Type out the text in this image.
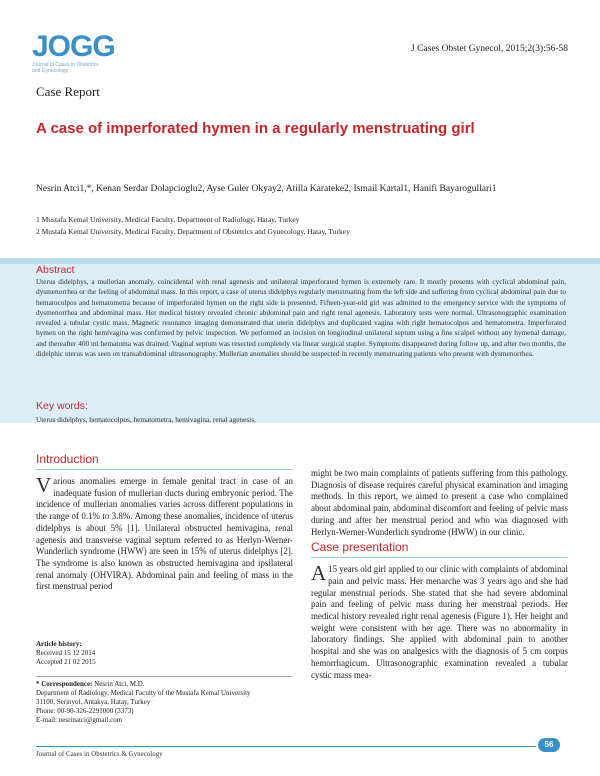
JOGG
Journal of Cases in Obstetrics and Gynecology
J Cases Obstet Gynecol, 2015;2(3):56-58
Case Report
A case of imperforated hymen in a regularly menstruating girl
Nesrin Atci1,*, Kenan Serdar Dolapcioglu2, Ayse Guler Okyay2, Atilla Karateke2, Ismail Kartal1, Hanifi Bayarogullari1
1 Mustafa Kemal University, Medical Faculty, Department of Radiology, Hatay, Turkey
2 Mustafa Kemal University, Medical Faculty, Department of Obstetrics and Gynecology, Hatay, Turkey
Abstract
Uterus didelphys, a mullerian anomaly, coincidental with renal agenesis and unilateral imperforated hymen is extremely rare. It mostly presents with cyclical abdominal pain, dysmenorrhea or the feeling of abdominal mass. In this report, a case of uterus didelphys regularly menstruating from the left side and suffering from cyclical abdominal pain due to hematocolpos and hematometra because of imperforated hymen on the right side is presented. Fifteen-year-old girl was admitted to the emergency service with the symptoms of dysmenorrhea and abdominal mass. Her medical history revealed chronic abdominal pain and right renal agenesis. Laboratory tests were normal. Ultrasonographic examination revealed a tubular cystic mass. Magnetic resonance imaging demonstrated that uterin didelphys and duplicated vagina with right hematocolpos and hematometra. Imperforated hymen on the right hemivagina was confirmed by pelvic inspection. We performed an incision on longitudinal unilateral septum using a fine scalpel without any hymenal damage, and thereafter 400 ml hematoma was drained. Vaginal septum was resected completely via linear surgical stapler. Symptoms disappeared during follow up, and after two months, the didelphic uterus was seen on transabdominal ultrasonography. Mullerian anomalies should be suspected in recently menstruating patients who present with dysmenorrhea.
Key words:
Uterus didelphys, hematocolpos, hematometra, hemivagina, renal agenesis.
Introduction

Various anomalies emerge in female genital tract in case of an inadequate fusion of mullerian ducts during embryonic period. The incidence of mullerian anomalies varies across different populations in the range of 0.1% to 3.8%. Among these anomalies, incidence of uterus didelphys is about 5% [1]. Unilateral obstructed hemivagina, renal agenesis and transverse vaginal septum referred to as Herlyn-Werner-Wunderlich syndrome (HWW) are seen in 15% of uterus didelphys [2]. The syndrome is also known as obstructed hemivagina and ipsilateral renal anomaly (OHVIRA). Abdominal pain and feeling of mass in the first menstrual period

Article history:
Received 15 12 2014
Accepted 21 02 2015
* Correspondence: Nesrin Atci, M.D.
Department of Radiology, Medical Faculty of the Mustafa Kemal University
31100, Serinyol, Antakya, Hatay, Turkey
Phone: 00-90-326-2291000 (3373)
E-mail: nesrinatci@gmail.com

might be two main complaints of patients suffering from this pathology. Diagnosis of disease requires careful physical examination and imaging methods. In this report, we aimed to present a case who complained about abdominal pain, abdominal discomfort and feeling of pelvic mass during and after her menstrual period and who was diagnosed with Herlyn-Werner-Wunderlich syndrome (HWW) in our clinic.

Case presentation

A 15 years old girl applied to our clinic with complaints of abdominal pain and pelvic mass. Her menarche was 3 years ago and she had regular menstrual periods. She stated that she had severe abdominal pain and feeling of pelvic mass during her menstrual periods. Her medical history revealed right renal agenesis (Figure 1). Her height and weight were consistent with her age. There was no abnormality in laboratory findings. She applied with abdominal pain to another hospital and she was on analgesics with the diagnosis of 5 cm corpus hemorrhagicum. Ultrasonographic examination revealed a tubular cystic mass mea-

Journal of Cases in Obstetrics & Gynecology
56
